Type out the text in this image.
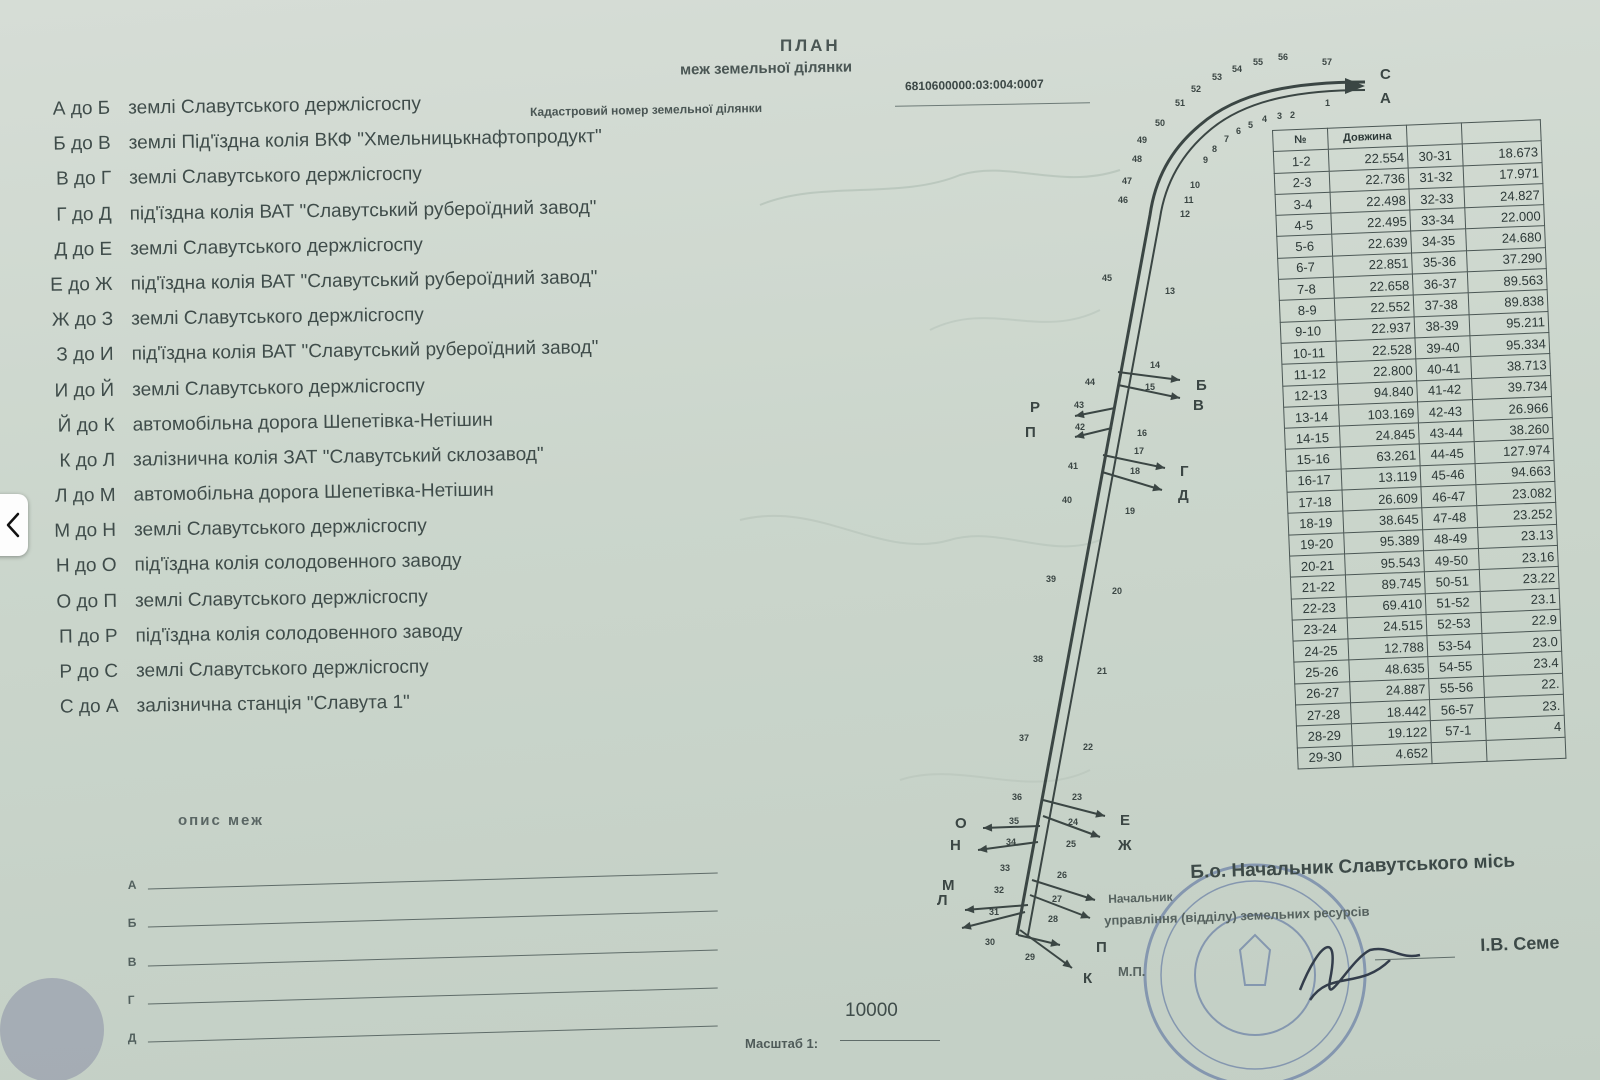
1
2
3
4
5
6
7
8
9
10
11
12
13
14
15
16
17
18
19
20
21
22
23
24
25
26
27
28
29
30
31
32
33
34
35
36
37
38
39
40
41
42
43
44
45
46
47
48
49
50
51
52
53
54
55 56	57
А
С
Б
В
Р
П
Г
Д
Е
Ж
О
Н
М
Л
К
П
ПЛАН
меж земельної ділянки
6810600000:03:004:0007
Кадастровий номер земельної ділянки
А до Б землі Славутського держлісгоспу
Б до В землі Під'їздна колія ВКФ "Хмельницькнафтопродукт"
В до Г землі Славутського держлісгоспу
Г до Д під'їздна колія ВАТ "Славутський рубероїдний завод"
Д до Е землі Славутського держлісгоспу
Е до Ж під'їздна колія ВАТ "Славутський рубероїдний завод"
Ж до З землі Славутського держлісгоспу
З до И під'їздна колія ВАТ "Славутський рубероїдний завод"
И до Й землі Славутського держлісгоспу
Й до К автомобільна дорога Шепетівка-Нетішин
К до Л залізнична колія ЗАТ "Славутський склозавод"
Л до М автомобільна дорога Шепетівка-Нетішин
М до Н землі Славутського держлісгоспу
Н до О під'їздна колія солодовенного заводу
О до П землі Славутського держлісгоспу
П до Р під'їздна колія солодовенного заводу
Р до С землі Славутського держлісгоспу
С до А залізнична станція "Славута 1"
опис меж
А
Б
В
Г
Д
10000
Масштаб 1:
№	Довжина		
1-2	22.554	30-31	18.673
2-3	22.736	31-32	17.971
3-4	22.498	32-33	24.827
4-5	22.495	33-34	22.000
5-6	22.639	34-35	24.680
6-7	22.851	35-36	37.290
7-8	22.658	36-37	89.563
8-9	22.552	37-38	89.838
9-10	22.937	38-39	95.211
10-11	22.528	39-40	95.334
11-12	22.800	40-41	38.713
12-13	94.840	41-42	39.734
13-14	103.169	42-43	26.966
14-15	24.845	43-44	38.260
15-16	63.261	44-45	127.974
16-17	13.119	45-46	94.663
17-18	26.609	46-47	23.082
18-19	38.645	47-48	23.252
19-20	95.389	48-49	23.13
20-21	95.543	49-50	23.16
21-22	89.745	50-51	23.22
22-23	69.410	51-52	23.1
23-24	24.515	52-53	22.9
24-25	12.788	53-54	23.0
25-26	48.635	54-55	23.4
26-27	24.887	55-56	22.
27-28	18.442	56-57	23.
28-29	19.122	57-1	4
29-30	4.652		
Б.о. Начальник Славутського місь
Начальник
управління (відділу) земельних ресурсів
І.В. Семе
М.П.
